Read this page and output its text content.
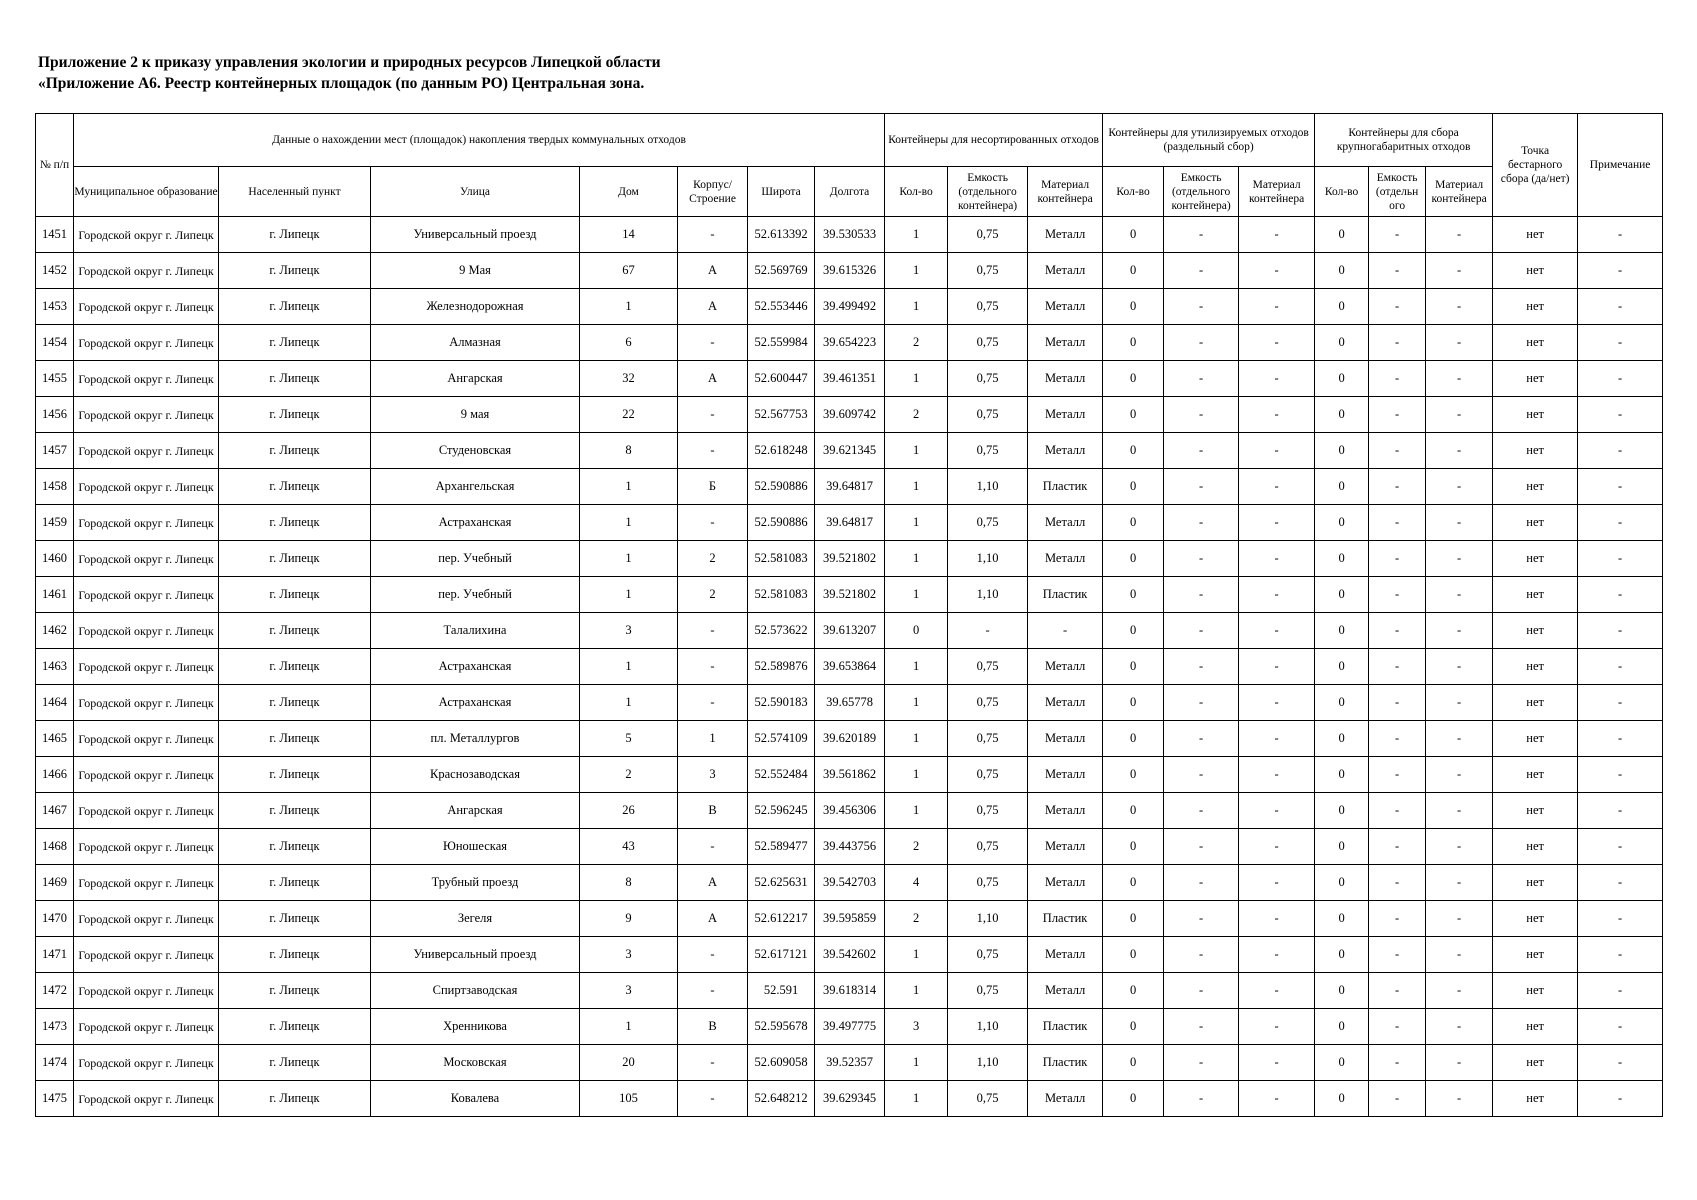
Приложение 2 к приказу управления экологии и природных ресурсов Липецкой области
«Приложение А6. Реестр контейнерных площадок (по данным РО) Центральная зона.
№ п/п	Данные о нахождении мест (площадок) накопления твердых коммунальных отходов							Контейнеры для несортированных отходов			Контейнеры для утилизируемых отходов (раздельный сбор)			Контейнеры для сбора крупногабаритных отходов			Точка бестарного сбора (да/нет)	Примечание
	Муниципальное образование	Населенный пункт	Улица	Дом	Корпус/ Строение	Широта	Долгота	Кол-во	Емкость (отдельного контейнера)	Материал контейнера	Кол-во	Емкость (отдельного контейнера)	Материал контейнера	Кол-во	Емкость (отдельн ого	Материал контейнера		
1451	Городской округ г. Липецк	г. Липецк	Универсальный проезд	14	-	52.613392	39.530533	1	0,75	Металл	0	-	-	0	-	-	нет	-
1452	Городской округ г. Липецк	г. Липецк	9 Мая	67	А	52.569769	39.615326	1	0,75	Металл	0	-	-	0	-	-	нет	-
1453	Городской округ г. Липецк	г. Липецк	Железнодорожная	1	А	52.553446	39.499492	1	0,75	Металл	0	-	-	0	-	-	нет	-
1454	Городской округ г. Липецк	г. Липецк	Алмазная	6	-	52.559984	39.654223	2	0,75	Металл	0	-	-	0	-	-	нет	-
1455	Городской округ г. Липецк	г. Липецк	Ангарская	32	А	52.600447	39.461351	1	0,75	Металл	0	-	-	0	-	-	нет	-
1456	Городской округ г. Липецк	г. Липецк	9 мая	22	-	52.567753	39.609742	2	0,75	Металл	0	-	-	0	-	-	нет	-
1457	Городской округ г. Липецк	г. Липецк	Студеновская	8	-	52.618248	39.621345	1	0,75	Металл	0	-	-	0	-	-	нет	-
1458	Городской округ г. Липецк	г. Липецк	Архангельская	1	Б	52.590886	39.64817	1	1,10	Пластик	0	-	-	0	-	-	нет	-
1459	Городской округ г. Липецк	г. Липецк	Астраханская	1	-	52.590886	39.64817	1	0,75	Металл	0	-	-	0	-	-	нет	-
1460	Городской округ г. Липецк	г. Липецк	пер. Учебный	1	2	52.581083	39.521802	1	1,10	Металл	0	-	-	0	-	-	нет	-
1461	Городской округ г. Липецк	г. Липецк	пер. Учебный	1	2	52.581083	39.521802	1	1,10	Пластик	0	-	-	0	-	-	нет	-
1462	Городской округ г. Липецк	г. Липецк	Талалихина	3	-	52.573622	39.613207	0	-	-	0	-	-	0	-	-	нет	-
1463	Городской округ г. Липецк	г. Липецк	Астраханская	1	-	52.589876	39.653864	1	0,75	Металл	0	-	-	0	-	-	нет	-
1464	Городской округ г. Липецк	г. Липецк	Астраханская	1	-	52.590183	39.65778	1	0,75	Металл	0	-	-	0	-	-	нет	-
1465	Городской округ г. Липецк	г. Липецк	пл. Металлургов	5	1	52.574109	39.620189	1	0,75	Металл	0	-	-	0	-	-	нет	-
1466	Городской округ г. Липецк	г. Липецк	Краснозаводская	2	3	52.552484	39.561862	1	0,75	Металл	0	-	-	0	-	-	нет	-
1467	Городской округ г. Липецк	г. Липецк	Ангарская	26	В	52.596245	39.456306	1	0,75	Металл	0	-	-	0	-	-	нет	-
1468	Городской округ г. Липецк	г. Липецк	Юношеская	43	-	52.589477	39.443756	2	0,75	Металл	0	-	-	0	-	-	нет	-
1469	Городской округ г. Липецк	г. Липецк	Трубный проезд	8	А	52.625631	39.542703	4	0,75	Металл	0	-	-	0	-	-	нет	-
1470	Городской округ г. Липецк	г. Липецк	Зегеля	9	А	52.612217	39.595859	2	1,10	Пластик	0	-	-	0	-	-	нет	-
1471	Городской округ г. Липецк	г. Липецк	Универсальный проезд	3	-	52.617121	39.542602	1	0,75	Металл	0	-	-	0	-	-	нет	-
1472	Городской округ г. Липецк	г. Липецк	Спиртзаводская	3	-	52.591	39.618314	1	0,75	Металл	0	-	-	0	-	-	нет	-
1473	Городской округ г. Липецк	г. Липецк	Хренникова	1	В	52.595678	39.497775	3	1,10	Пластик	0	-	-	0	-	-	нет	-
1474	Городской округ г. Липецк	г. Липецк	Московская	20	-	52.609058	39.52357	1	1,10	Пластик	0	-	-	0	-	-	нет	-
1475	Городской округ г. Липецк	г. Липецк	Ковалева	105	-	52.648212	39.629345	1	0,75	Металл	0	-	-	0	-	-	нет	-
